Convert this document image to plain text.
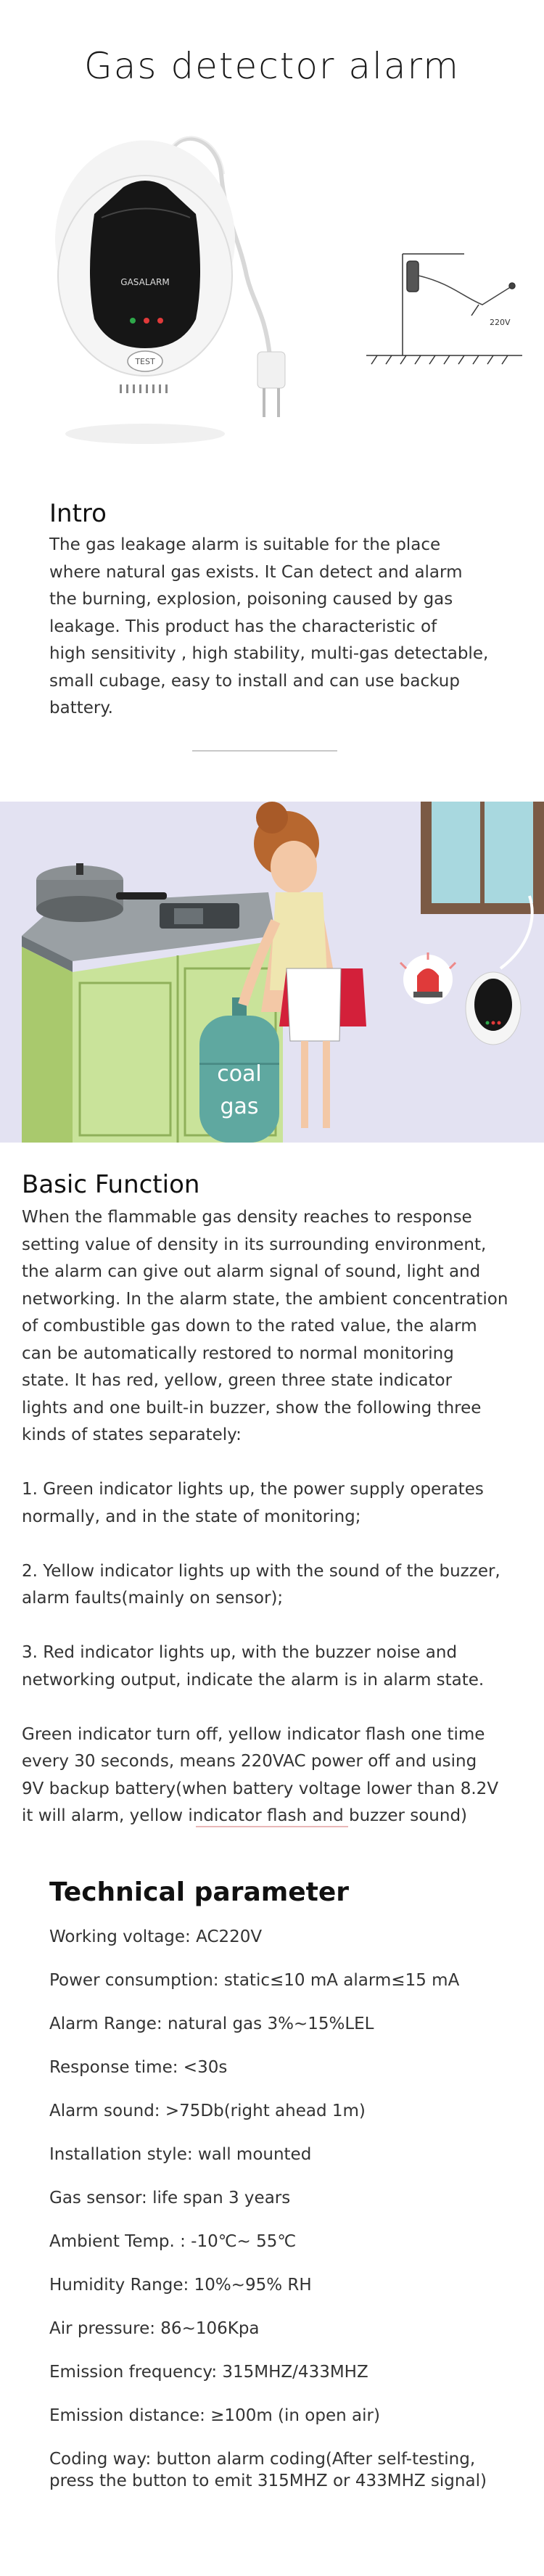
Gas detector alarm
GASALARM
TEST
220V
Intro
The gas leakage alarm is suitable for the place
where natural gas exists. It Can detect and alarm
the burning, explosion, poisoning caused by gas
leakage. This product has the characteristic of
high sensitivity , high stability, multi-gas detectable,
small cubage, easy to install and can use backup
battery.
coal
gas
Basic Function

When the flammable gas density reaches to response

setting value of density in its surrounding environment,

the alarm can give out alarm signal of sound, light and

networking. In the alarm state, the ambient concentration

of combustible gas down to the rated value, the alarm

can be automatically restored to normal monitoring

state. It has red, yellow, green three state indicator

lights and one built-in buzzer, show the following three

kinds of states separately:

1. Green indicator lights up, the power supply operates

normally, and in the state of monitoring;

2. Yellow indicator lights up with the sound of the buzzer,

alarm faults(mainly on sensor);

3. Red indicator lights up, with the buzzer noise and

networking output, indicate the alarm is in alarm state.

Green indicator turn off, yellow indicator flash one time

every 30 seconds, means 220VAC power off and using

9V backup battery(when battery voltage lower than 8.2V

it will alarm, yellow indicator flash and buzzer sound)

Technical parameter
Working voltage: AC220V
Power consumption: static≤10 mA alarm≤15 mA
Alarm Range: natural gas 3%~15%LEL
Response time: <30s
Alarm sound: >75Db(right ahead 1m)
Installation style: wall mounted
Gas sensor: life span 3 years
Ambient Temp. : -10℃~ 55℃
Humidity Range: 10%~95% RH
Air pressure: 86~106Kpa
Emission frequency: 315MHZ/433MHZ
Emission distance: ≥100m (in open air)
Coding way: button alarm coding(After self-testing,
press the button to emit 315MHZ or 433MHZ signal)
